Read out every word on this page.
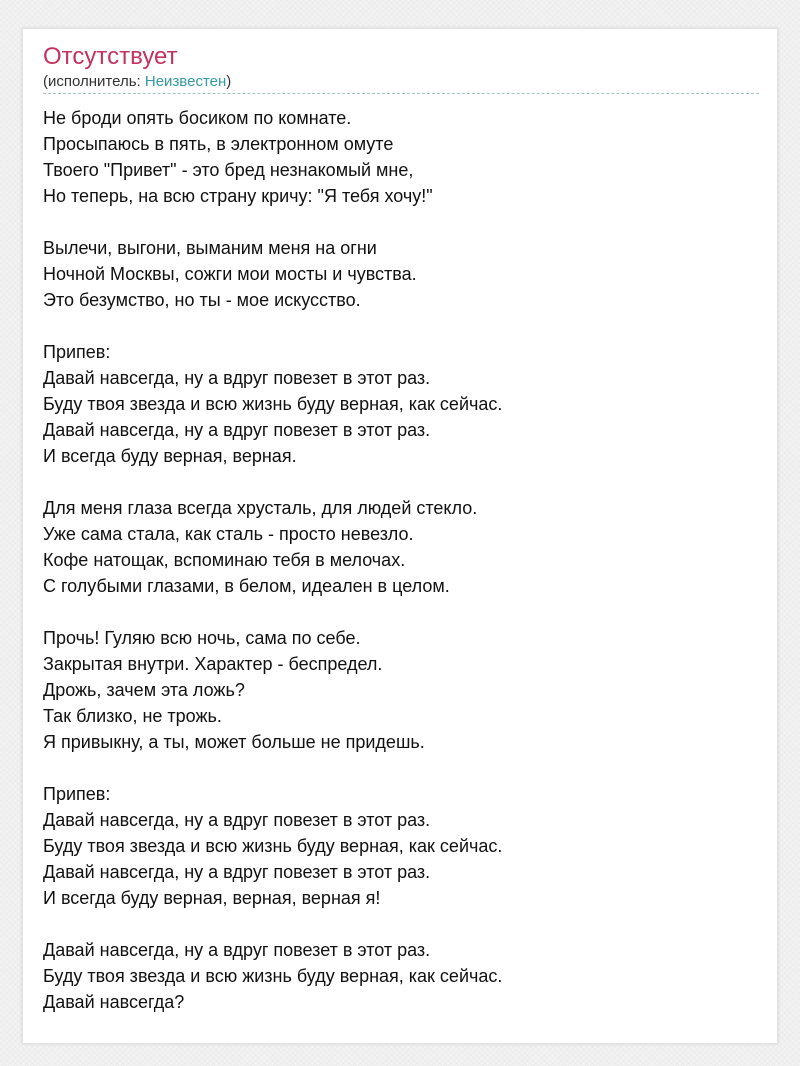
Отсутствует
(исполнитель: Неизвестен)
Не броди опять босиком по комнате.
Просыпаюсь в пять, в электронном омуте
Твоего "Привет" - это бред незнакомый мне,
Но теперь, на всю страну кричу: "Я тебя хочу!"

Вылечи, выгони, выманим меня на огни
Ночной Москвы, сожги мои мосты и чувства.
Это безумство, но ты - мое искусство.

Припев:
Давай навсегда, ну а вдруг повезет в этот раз.
Буду твоя звезда и всю жизнь буду верная, как сейчас.
Давай навсегда, ну а вдруг повезет в этот раз.
И всегда буду верная, верная.

Для меня глаза всегда хрусталь, для людей стекло.
Уже сама стала, как сталь - просто невезло.
Кофе натощак, вспоминаю тебя в мелочах.
С голубыми глазами, в белом, идеален в целом.

Прочь! Гуляю всю ночь, сама по себе.
Закрытая внутри. Характер - беспредел.
Дрожь, зачем эта ложь?
Так близко, не трожь.
Я привыкну, а ты, может больше не придешь.

Припев:
Давай навсегда, ну а вдруг повезет в этот раз.
Буду твоя звезда и всю жизнь буду верная, как сейчас.
Давай навсегда, ну а вдруг повезет в этот раз.
И всегда буду верная, верная, верная я!

Давай навсегда, ну а вдруг повезет в этот раз.
Буду твоя звезда и всю жизнь буду верная, как сейчас.
Давай навсегда?
